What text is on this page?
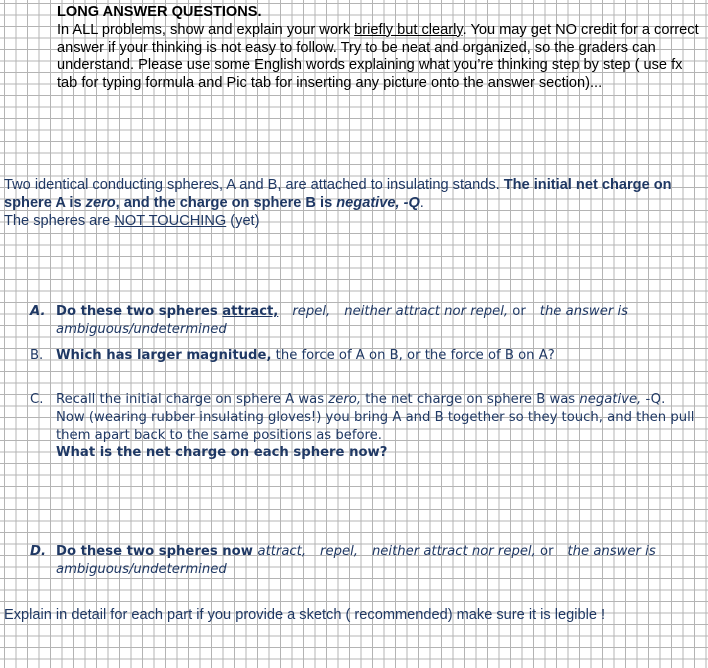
LONG ANSWER QUESTIONS.
In ALL problems, show and explain your work briefly but clearly. You may get NO credit for a correct answer if your thinking is not easy to follow. Try to be neat and organized, so the graders can understand. Please use some English words explaining what you’re thinking step by step ( use fx tab for typing formula and Pic tab for inserting any picture onto the answer section)...
Two identical conducting spheres, A and B, are attached to insulating stands. The initial net charge on sphere A is zero, and the charge on sphere B is negative, -Q.
The spheres are NOT TOUCHING (yet)
A. Do these two spheres attract, repel, neither attract nor repel, or the answer is ambiguous/undetermined
B. Which has larger magnitude, the force of A on B, or the force of B on A?
C. Recall the initial charge on sphere A was zero, the net charge on sphere B was negative, -Q.
Now (wearing rubber insulating gloves!) you bring A and B together so they touch, and then pull them apart back to the same positions as before.
What is the net charge on each sphere now?
D. Do these two spheres now attract, repel, neither attract nor repel, or the answer is ambiguous/undetermined
Explain in detail for each part if you provide a sketch ( recommended) make sure it is legible !
